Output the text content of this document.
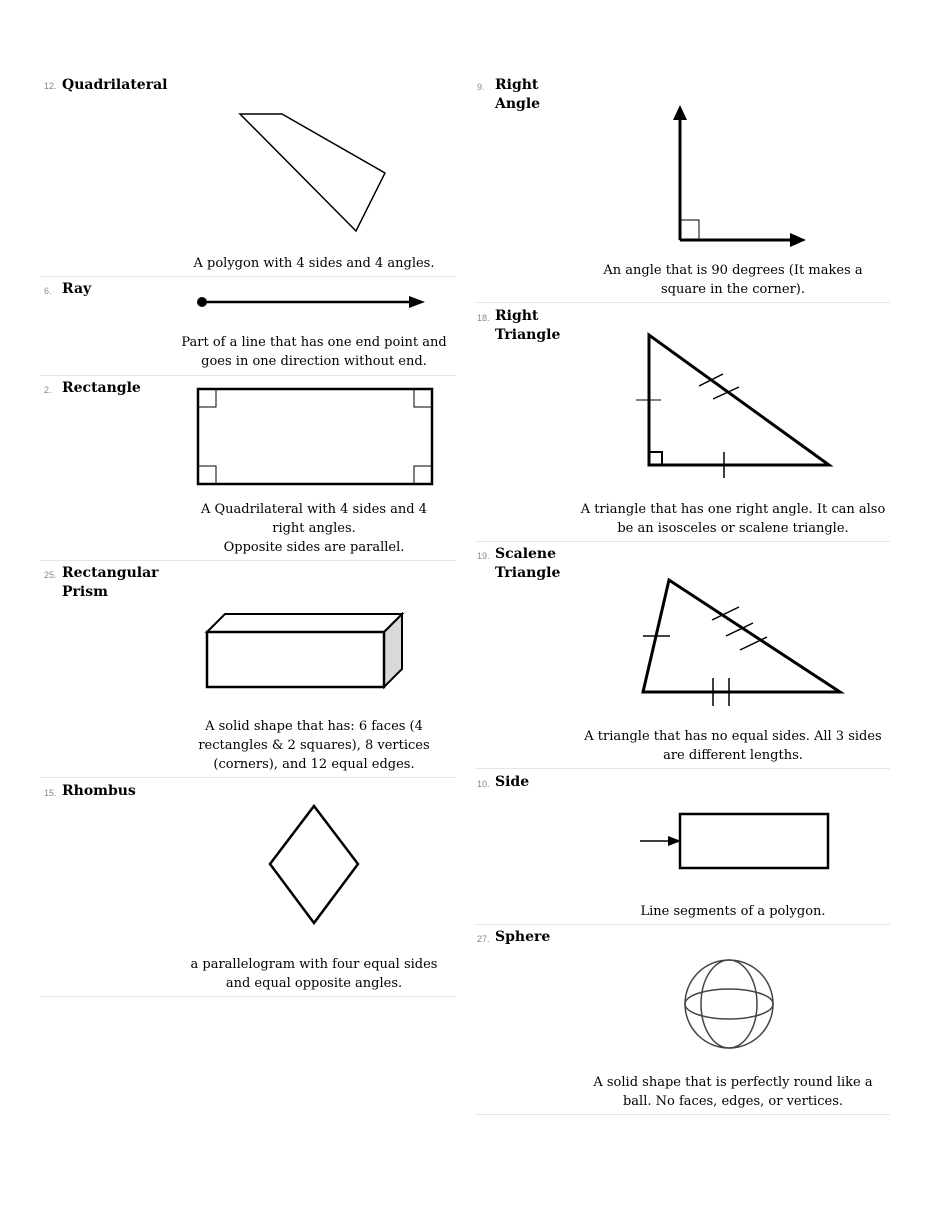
12. Quadrilateral
A polygon with 4 sides and 4 angles.
6. Ray
Part of a line that has one end point and goes in one direction without end.
2. Rectangle
A Quadrilateral with 4 sides and 4 right angles.
Opposite sides are parallel.
25. Rectangular
Prism
A solid shape that has: 6 faces (4 rectangles & 2 squares), 8 vertices (corners), and 12 equal edges.
15. Rhombus
a parallelogram with four equal sides and equal opposite angles.
9. Right
Angle
An angle that is 90 degrees (It makes a square in the corner).
18. Right
Triangle
A triangle that has one right angle. It can also be an isosceles or scalene triangle.
19. Scalene
Triangle
A triangle that has no equal sides. All 3 sides are different lengths.
10. Side
Line segments of a polygon.
27. Sphere
A solid shape that is perfectly round like a ball. No faces, edges, or vertices.
